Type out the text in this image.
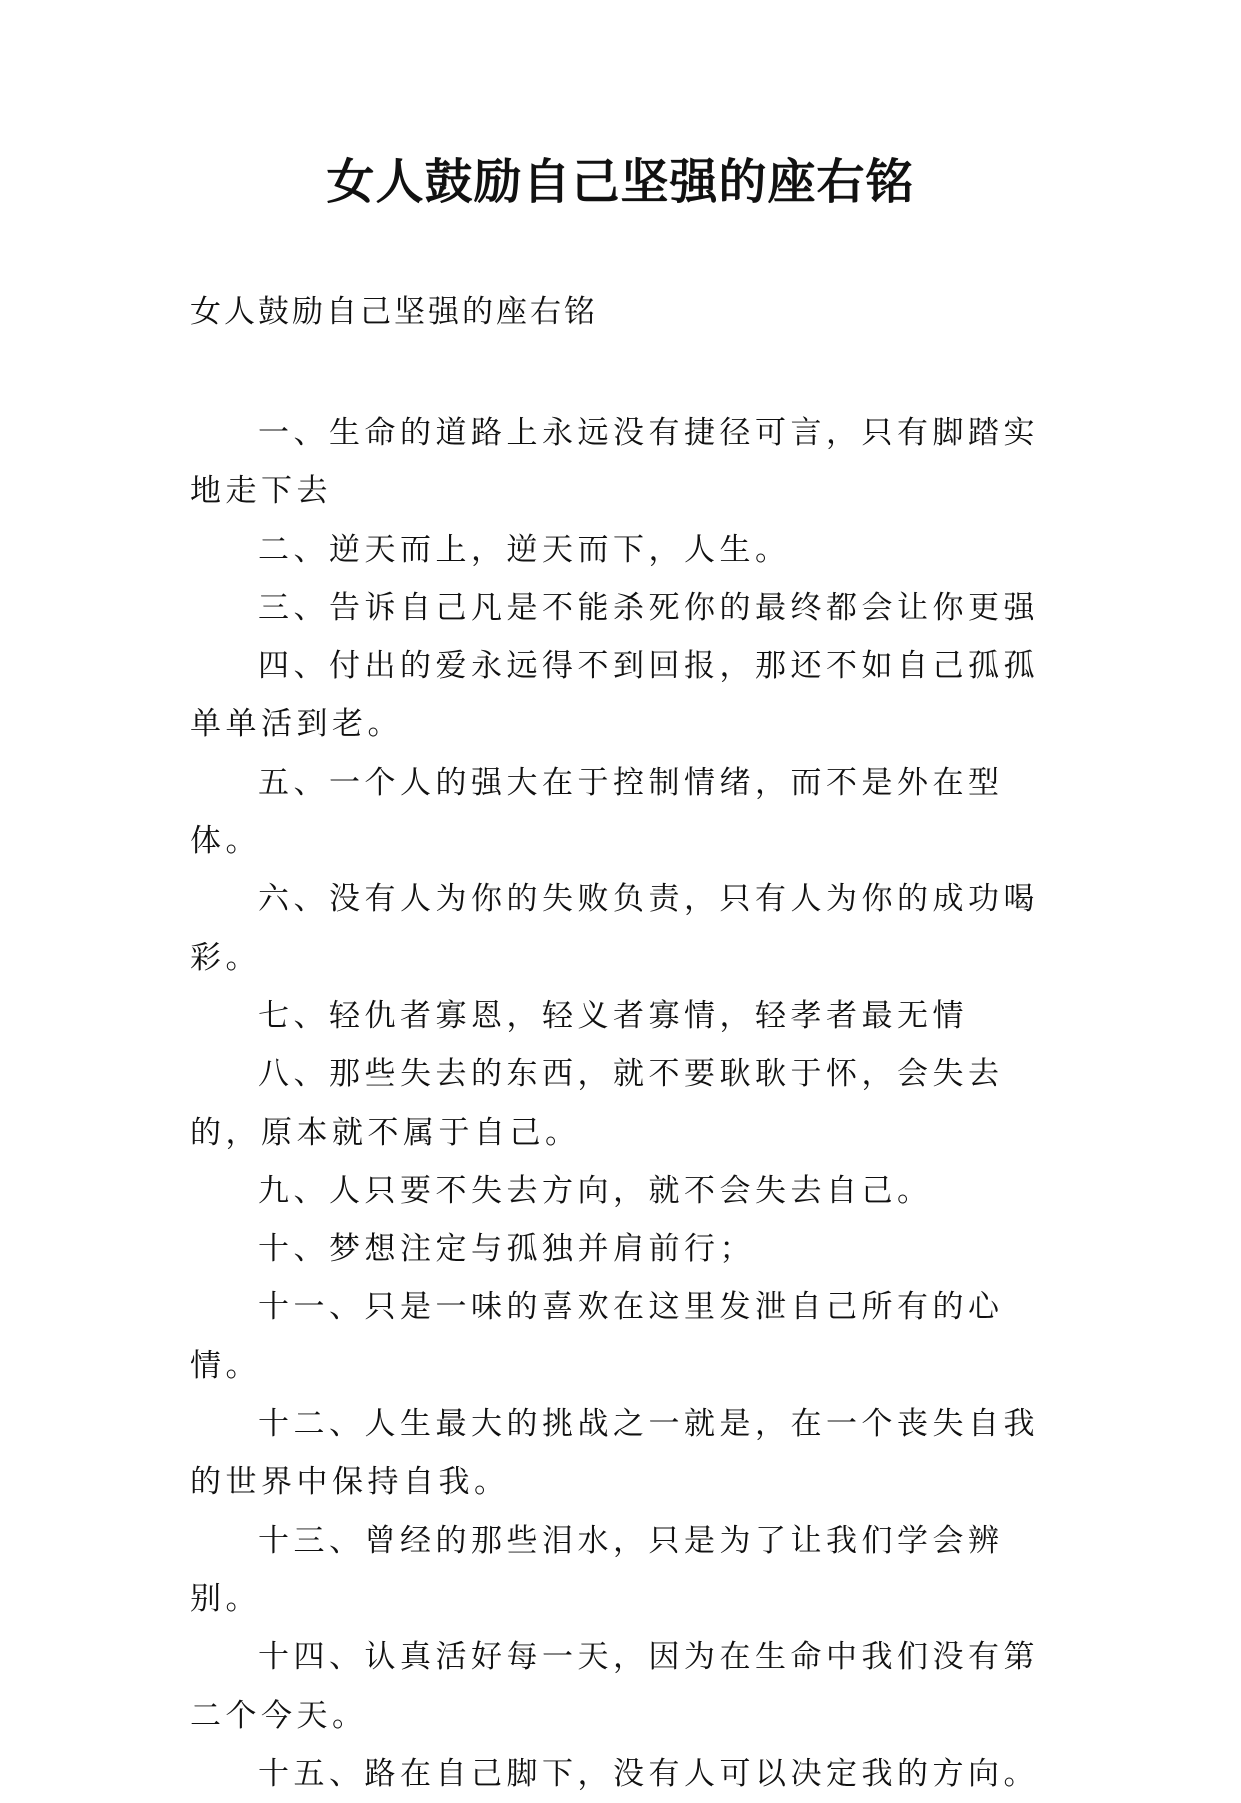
女人鼓励自己坚强的座右铭
女人鼓励自己坚强的座右铭

一、生命的道路上永远没有捷径可言，只有脚踏实地走下去

二、逆天而上，逆天而下，人生。

三、告诉自己凡是不能杀死你的最终都会让你更强

四、付出的爱永远得不到回报，那还不如自己孤孤单单活到老。

五、一个人的强大在于控制情绪，而不是外在型体。

六、没有人为你的失败负责，只有人为你的成功喝彩。

七、轻仇者寡恩，轻义者寡情，轻孝者最无情

八、那些失去的东西，就不要耿耿于怀，会失去的，原本就不属于自己。

九、人只要不失去方向，就不会失去自己。

十、梦想注定与孤独并肩前行；

十一、只是一味的喜欢在这里发泄自己所有的心情。

十二、人生最大的挑战之一就是，在一个丧失自我的世界中保持自我。

十三、曾经的那些泪水，只是为了让我们学会辨别。

十四、认真活好每一天，因为在生命中我们没有第二个今天。

十五、路在自己脚下，没有人可以决定我的方向。
